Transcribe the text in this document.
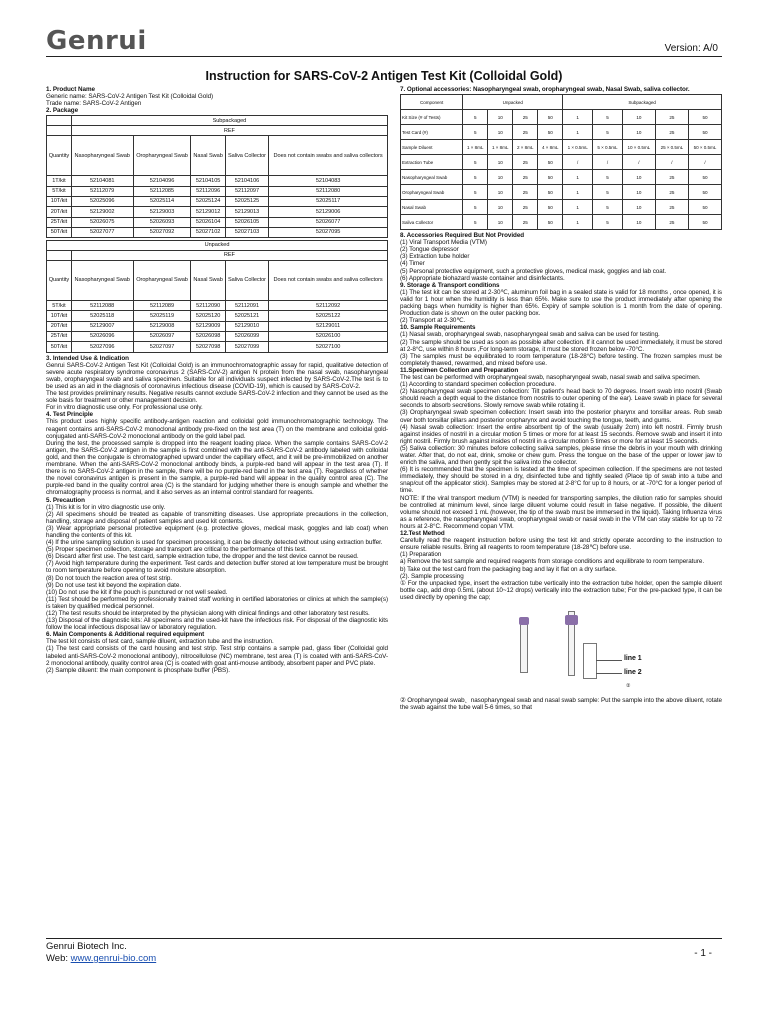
Genrui	Version: A/0
Instruction for SARS-CoV-2 Antigen Test Kit (Colloidal Gold)

1. Product Name

Generic name: SARS-CoV-2 Antigen Test Kit (Colloidal Gold)

Trade name: SARS-CoV-2 Antigen

2. Package

	Subpackaged				
	REF				
Quantity	Nasopharyngeal Swab	Oropharyngeal Swab	Nasal Swab	Saliva Collector	Does not contain swabs and saliva collectors
1T/kit	52104081	52104096	52104105	52104106	52104083
5T/kit	52112079	52112085	52112096	52112097	52112080
10T/kit	52025096	52025114	52025124	52025125	52025117
20T/kit	52129002	52129003	52129012	52129013	52129006
25T/kit	52026075	52026093	52026104	52026105	52026077
50T/kit	52027077	52027092	52027102	52027103	52027095
Unpacked					
	REF				
Quantity	Nasopharyngeal Swab	Oropharyngeal Swab	Nasal Swab	Saliva Collector	Does not contain swabs and saliva collectors
5T/kit	52112088	52112089	52112090	52112091	52112092
10T/kit	52025118	52025119	52025120	52025121	52025122
20T/kit	52129007	52129008	52129009	52129010	52129011
25T/kit	52026096	52026097	52026098	52026099	52026100
50T/kit	52027096	52027097	52027098	52027099	52027100

3. Intended Use & Indication

Genrui SARS-CoV-2 Antigen Test Kit (Colloidal Gold) is an immunochromatographic assay for rapid, qualitative detection of severe acute respiratory syndrome coronavirus 2 (SARS-CoV-2) antigen N protein from the nasal swab, nasopharyngeal swab, oropharyngeal swab and saliva specimen. Suitable for all individuals suspect infected by SARS-CoV-2.The test is to be used as an aid in the diagnosis of coronavirus infectious disease (COVID-19), which is caused by SARS-CoV-2.

The test provides preliminary results. Negative results cannot exclude SARS-CoV-2 infection and they cannot be used as the sole basis for treatment or other management decision.

For in vitro diagnostic use only. For professional use only.

4. Test Principle

This product uses highly specific antibody-antigen reaction and colloidal gold immunochromatographic technology. The reagent contains anti-SARS-CoV-2 monoclonal antibody pre-fixed on the test area (T) on the membrane and colloidal gold-conjugated anti-SARS-CoV-2 monoclonal antibody on the gold label pad.

During the test, the processed sample is dropped into the reagent loading place. When the sample contains SARS-CoV-2 antigen, the SARS-CoV-2 antigen in the sample is first combined with the anti-SARS-CoV-2 antibody labeled with colloidal gold, and then the conjugate is chromatographed upward under the capillary effect, and it will be pre-immobilized on another membrane. When the anti-SARS-CoV-2 monoclonal antibody binds, a purple-red band will appear in the test area (T). If there is no SARS-CoV-2 antigen in the sample, there will be no purple-red band in the test area (T). Regardless of whether the novel coronavirus antigen is present in the sample, a purple-red band will appear in the quality control area (C). The purple-red band in the quality control area (C) is the standard for judging whether there is enough sample and whether the chromatography process is normal, and it also serves as an internal control standard for reagents.

5. Precaution

(1) This kit is for in vitro diagnostic use only.

(2) All specimens should be treated as capable of transmitting diseases. Use appropriate precautions in the collection, handling, storage and disposal of patient samples and used kit contents.

(3) Wear appropriate personal protective equipment (e.g. protective gloves, medical mask, goggles and lab coat) when handling the contents of this kit.

(4) If the urine sampling solution is used for specimen processing, it can be directly detected without using extraction buffer.

(5) Proper specimen collection, storage and transport are critical to the performance of this test.

(6) Discard after first use. The test card, sample extraction tube, the dropper and the test device cannot be reused.

(7) Avoid high temperature during the experiment. Test cards and detection buffer stored at low temperature must be brought to room temperature before opening to avoid moisture absorption.

(8) Do not touch the reaction area of test strip.

(9) Do not use test kit beyond the expiration date.

(10) Do not use the kit if the pouch is punctured or not well sealed.

(11) Test should be performed by professionally trained staff working in certified laboratories or clinics at which the sample(s) is taken by qualified medical personnel.

(12) The test results should be interpreted by the physician along with clinical findings and other laboratory test results.

(13) Disposal of the diagnostic kits: All specimens and the used-kit have the infectious risk. For disposal of the diagnostic kits follow the local infectious disposal law or laboratory regulation.

6. Main Components & Additional required equipment

The test kit consists of test card, sample diluent, extraction tube and the instruction.

(1) The test card consists of the card housing and test strip. Test strip contains a sample pad, glass fiber (Colloidal gold labeled anti-SARS-CoV-2 monoclonal antibody), nitrocellulose (NC) membrane, test area (T) is coated with anti-SARS-CoV-2 monoclonal antibody, quality control area (C) is coated with goat anti-mouse antibody, absorbent paper and PVC plate.

(2) Sample diluent: the main component is phosphate buffer (PBS).

7. Optional accessories: Nasopharyngeal swab, oropharyngeal swab, Nasal Swab, saliva collector.

Component	Unpacked				Subpackaged				
Kit Size (# of Tests)	5	10	25	50	1	5	10	25	50
Test Card (#)	5	10	25	50	1	5	10	25	50
Sample Diluent	1 × 8mL	1 × 8mL	2 × 8mL	4 × 8mL	1 × 0.5mL	5 × 0.5mL	10 × 0.5mL	25 × 0.5mL	50 × 0.5mL
Extraction Tube	5	10	25	50	/	/	/	/	/
Nasopharyngeal Swab	5	10	25	50	1	5	10	25	50
Oropharyngeal Swab	5	10	25	50	1	5	10	25	50
Nasal Swab	5	10	25	50	1	5	10	25	50
Saliva Collector	5	10	25	50	1	5	10	25	50

8. Accessories Required But Not Provided

(1) Viral Transport Media (VTM)

(2) Tongue depressor

(3) Extraction tube holder

(4) Timer

(5) Personal protective equipment, such a protective gloves, medical mask, goggles and lab coat.

(6) Appropriate biohazard waste container and disinfectants.

9. Storage & Transport conditions

(1) The test kit can be stored at 2-30℃, aluminum foil bag in a sealed state is valid for 18 months , once opened, it is valid for 1 hour when the humidity is less than 65%. Make sure to use the product immediately after opening the packing bags when humidity is higher than 65%. Expiry of sample solution is 1 month from the date of opening. Production date is shown on the outer packing box.

(2) Transport at 2-30℃.

10. Sample Requirements

(1) Nasal swab, oropharyngeal swab, nasopharyngeal swab and saliva can be used for testing.

(2) The sample should be used as soon as possible after collection. If it cannot be used immediately, it must be stored at 2-8°C, use within 8 hours ,For long-term storage, it must be stored frozen below -70°C.

(3) The samples must be equilibrated to room temperature (18-28°C) before testing. The frozen samples must be completely thawed, rewarmed, and mixed before use.

11.Specimen Collection and Preparation

The test can be performed with oropharyngeal swab, nasopharyngeal swab, nasal swab and saliva specimen.

(1) According to standard specimen collection procedure.

(2) Nasopharyngeal swab specimen collection: Tilt patient's head back to 70 degrees. Insert swab into nostril (Swab should reach a depth equal to the distance from nostrils to outer opening of the ear). Leave swab in place for several seconds to absorb secretions. Slowly remove swab while rotating it.

(3) Oropharyngeal swab specimen collection: Insert swab into the posterior pharynx and tonsillar areas. Rub swab over both tonsillar pillars and posterior oropharynx and avoid touching the tongue, teeth, and gums.

(4) Nasal swab collection: Insert the entire absorbent tip of the swab (usually 2cm) into left nostril. Firmly brush against insides of nostril in a circular motion 5 times or more for at least 15 seconds. Remove swab and insert it into right nostril. Firmly brush against insides of nostril in a circular motion 5 times or more for at least 15 seconds.

(5) Saliva collection: 30 minutes before collecting saliva samples, please rinse the debris in your mouth with drinking water. After that, do not eat, drink, smoke or chew gum. Press the tongue on the base of the upper or lower jaw to enrich the saliva, and then gently spit the saliva into the collector.

(6) It is recommended that the specimen is tested at the time of specimen collection. If the specimens are not tested immediately, they should be stored in a dry, disinfected tube and tightly sealed (Place tip of swab into a tube and snap/cut off the applicator stick). Samples may be stored at 2-8°C for up to 8 hours, or at -70°C for a longer period of time.

NOTE: If the viral transport medium (VTM) is needed for transporting samples, the dilution ratio for samples should be controlled at minimum level, since large diluent volume could result in false negative. If possible, the diluent volume should not exceed 1 mL (however, the tip of the swab must be immersed in the liquid). Taking Influenza virus as a reference, the nasopharyngeal swab, oropharyngeal swab or nasal swab in the VTM can stay stable for up to 72 hours at 2-8°C. Recommend copan VTM.

12.Test Method

Carefully read the reagent instruction before using the test kit and strictly operate according to the instruction to ensure reliable results. Bring all reagents to room temperature (18-28℃) before use.

(1) Preparation

a) Remove the test sample and required reagents from storage conditions and equilibrate to room temperature.

b) Take out the test card from the packaging bag and lay it flat on a dry surface.

(2). Sample processing

① For the unpacked type, insert the extraction tube vertically into the extraction tube holder, open the sample diluent bottle cap, add drop 0.5mL (about 10~12 drops) vertically into the extraction tube; For the pre-packed type, it can be used directly by opening the cap;

line 1
line 2
②

② Oropharyngeal swab、nasopharyngeal swab and nasal swab sample: Put the sample into the above diluent, rotate the swab against the tube wall 5-6 times, so that

Genrui Biotech Inc.
Web: www.genrui-bio.com	- 1 -
